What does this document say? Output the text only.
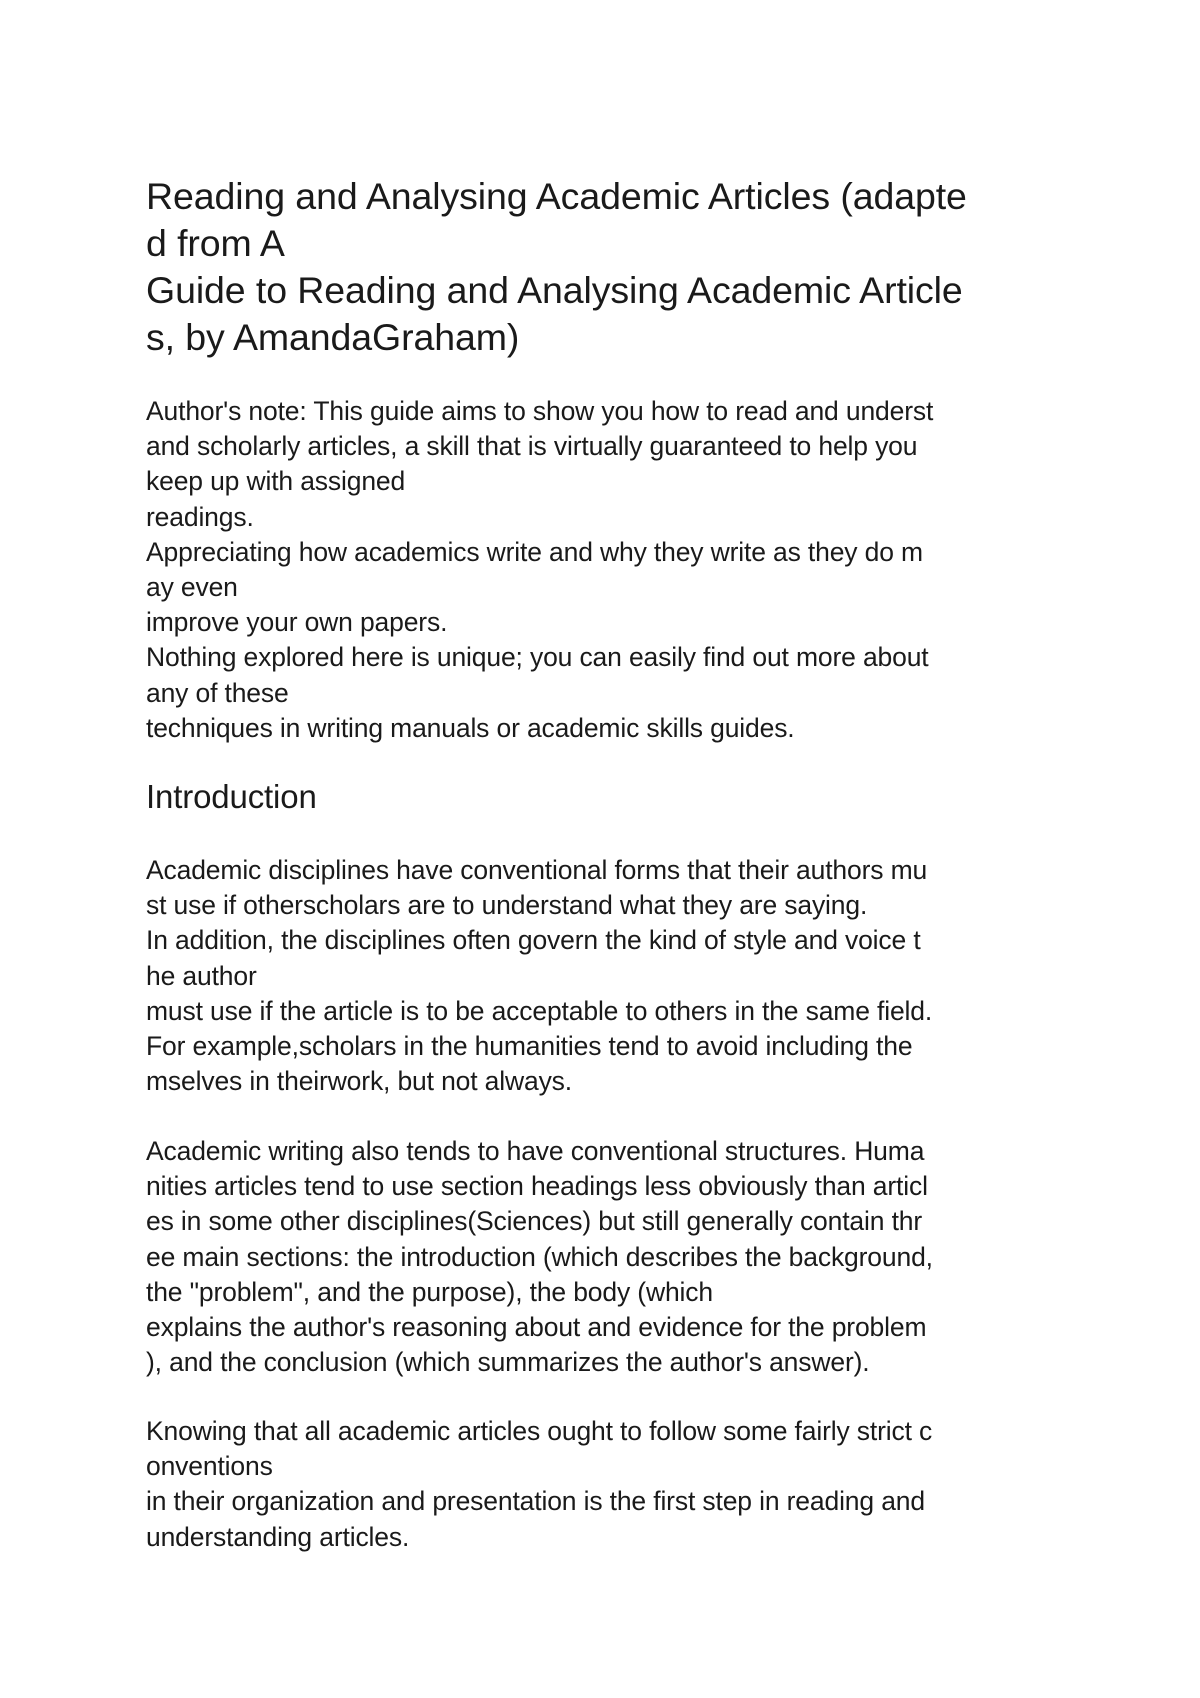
Reading and Analysing Academic Articles (adapte
d from A
Guide to Reading and Analysing Academic Article
s, by AmandaGraham)
Author's note: This guide aims to show you how to read and underst
and scholarly articles, a skill that is virtually guaranteed to help you
keep up with assigned
readings.
Appreciating how academics write and why they write as they do m
ay even
improve your own papers.
Nothing explored here is unique; you can easily find out more about
any of these
techniques in writing manuals or academic skills guides.
Introduction
Academic disciplines have conventional forms that their authors mu
st use if otherscholars are to understand what they are saying.
In addition, the disciplines often govern the kind of style and voice t
he author
must use if the article is to be acceptable to others in the same field.
For example,scholars in the humanities tend to avoid including the
mselves in theirwork, but not always.
Academic writing also tends to have conventional structures. Huma
nities articles tend to use section headings less obviously than articl
es in some other disciplines(Sciences) but still generally contain thr
ee main sections: the introduction (which describes the background,
the "problem", and the purpose), the body (which
explains the author's reasoning about and evidence for the problem
), and the conclusion (which summarizes the author's answer).
Knowing that all academic articles ought to follow some fairly strict c
onventions
in their organization and presentation is the first step in reading and
understanding articles.
